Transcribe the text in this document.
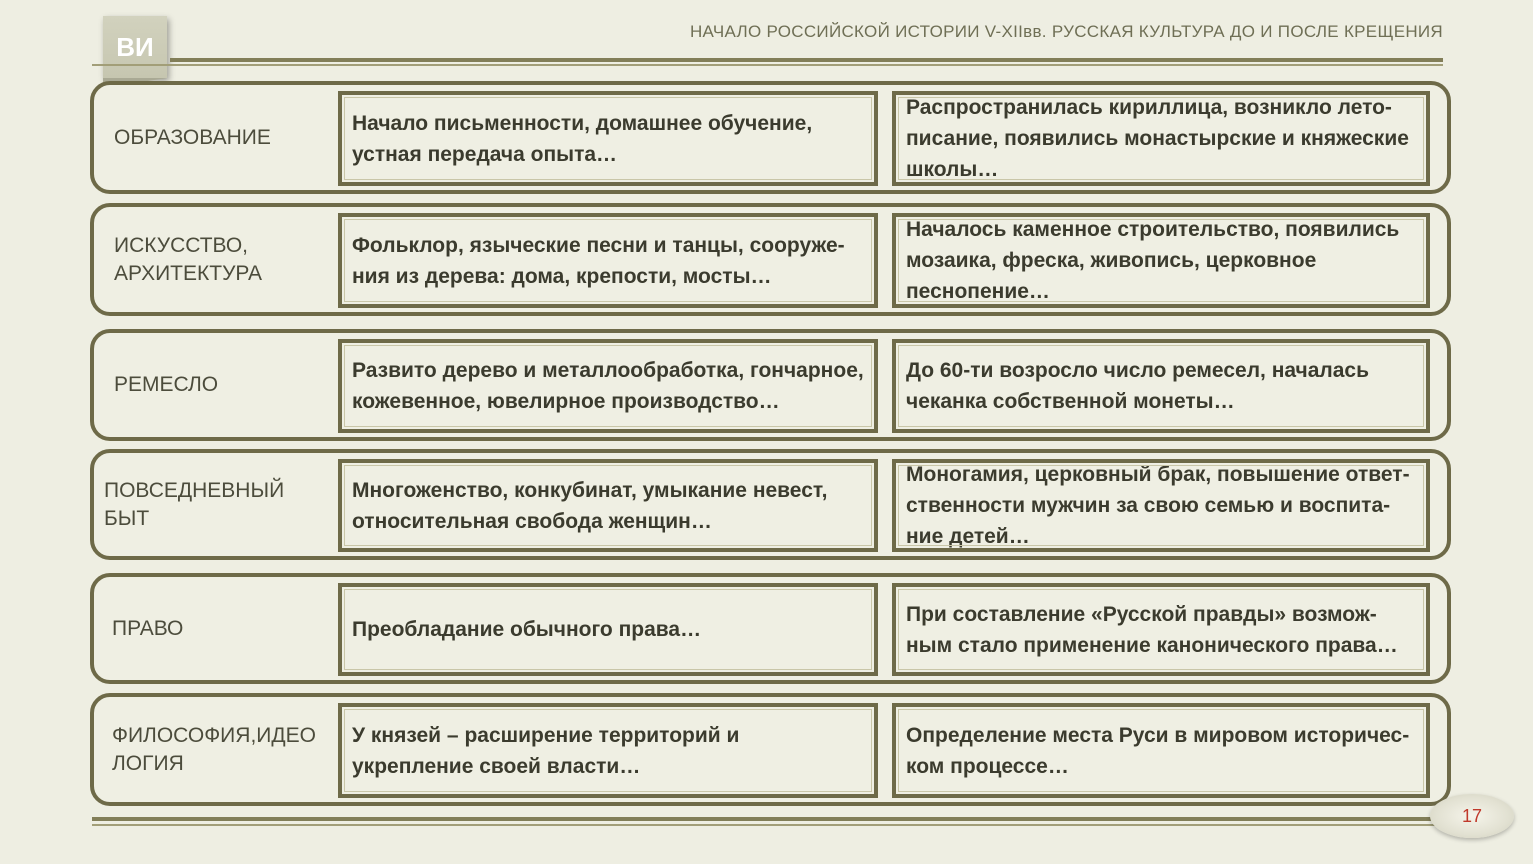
ВИ	НАЧАЛО РОССИЙСКОЙ ИСТОРИИ V-XIIвв. РУССКАЯ КУЛЬТУРА ДО И ПОСЛЕ КРЕЩЕНИЯ
ОБРАЗОВАНИЕ
Начало письменности, домашнее обучение, устная передача опыта…
Распространилась кириллица, возникло лето-писание, появились монастырские и княжеские школы…
ИСКУССТВО, АРХИТЕКТУРА
Фольклор, языческие песни и танцы, сооруже-ния из дерева: дома, крепости, мосты…
Началось каменное строительство, появились мозаика, фреска, живопись, церковное песнопение…
РЕМЕСЛО
Развито дерево и металлообработка, гончарное, кожевенное, ювелирное производство…
До 60-ти возросло число ремесел, началась чеканка собственной монеты…
ПОВСЕДНЕВНЫЙ БЫТ
Многоженство, конкубинат, умыкание невест, относительная свобода женщин…
Моногамия, церковный брак, повышение ответ-ственности мужчин за свою семью и воспита-ние детей…
ПРАВО	Преобладание обычного права…
При составление «Русской правды» возмож-ным стало применение канонического права…
ФИЛОСОФИЯ,ИДЕО ЛОГИЯ
У князей – расширение территорий и укрепление своей власти…
Определение места Руси в мировом историчес-ком процессе…
17
